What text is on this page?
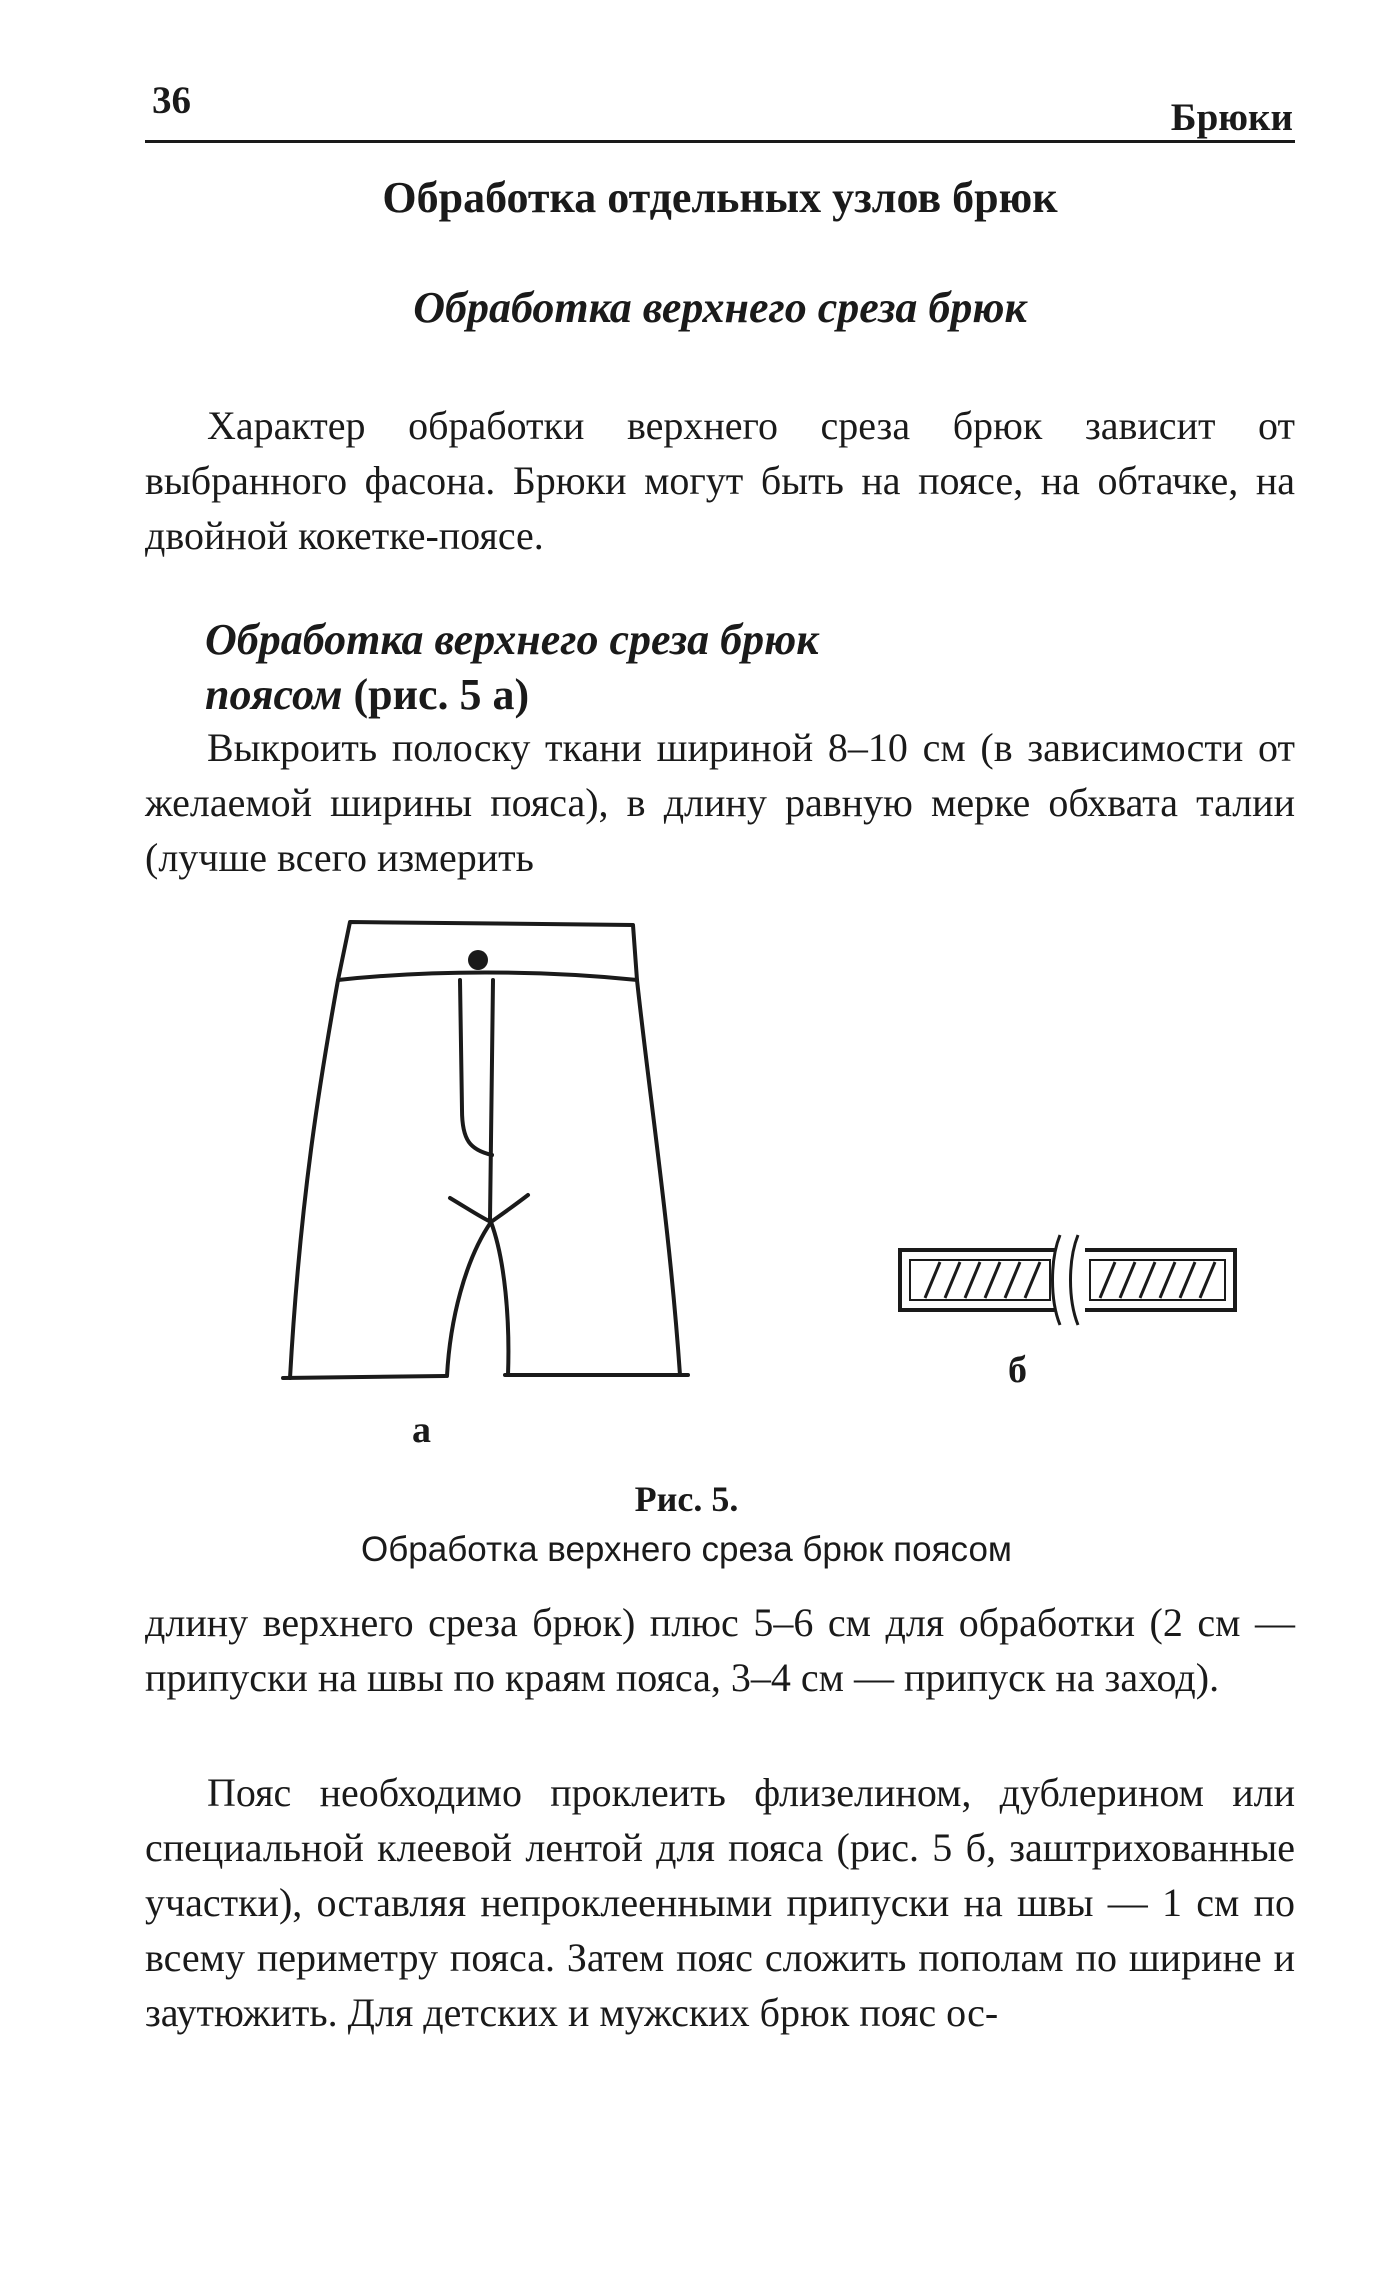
36	Брюки
Обработка отдельных узлов брюк
Обработка верхнего среза брюк
Характер обработки верхнего среза брюк зависит от выбранного фасона. Брюки могут быть на поясе, на обтачке, на двойной кокетке-поясе.
Обработка верхнего среза брюк
поясом (рис. 5 а)
Выкроить полоску ткани шириной 8–10 см (в зависимости от желаемой ширины пояса), в длину равную мерке обхвата талии (лучше всего измерить
а
б
Рис. 5.
Обработка верхнего среза брюк поясом
длину верхнего среза брюк) плюс 5–6 см для обработки (2 см — припуски на швы по краям пояса, 3–4 см — припуск на заход).
Пояс необходимо проклеить флизелином, дублерином или специальной клеевой лентой для пояса (рис. 5 б, заштрихованные участки), оставляя непроклеенными припуски на швы — 1 см по всему периметру пояса. Затем пояс сложить пополам по ширине и заутюжить. Для детских и мужских брюк пояс ос-
